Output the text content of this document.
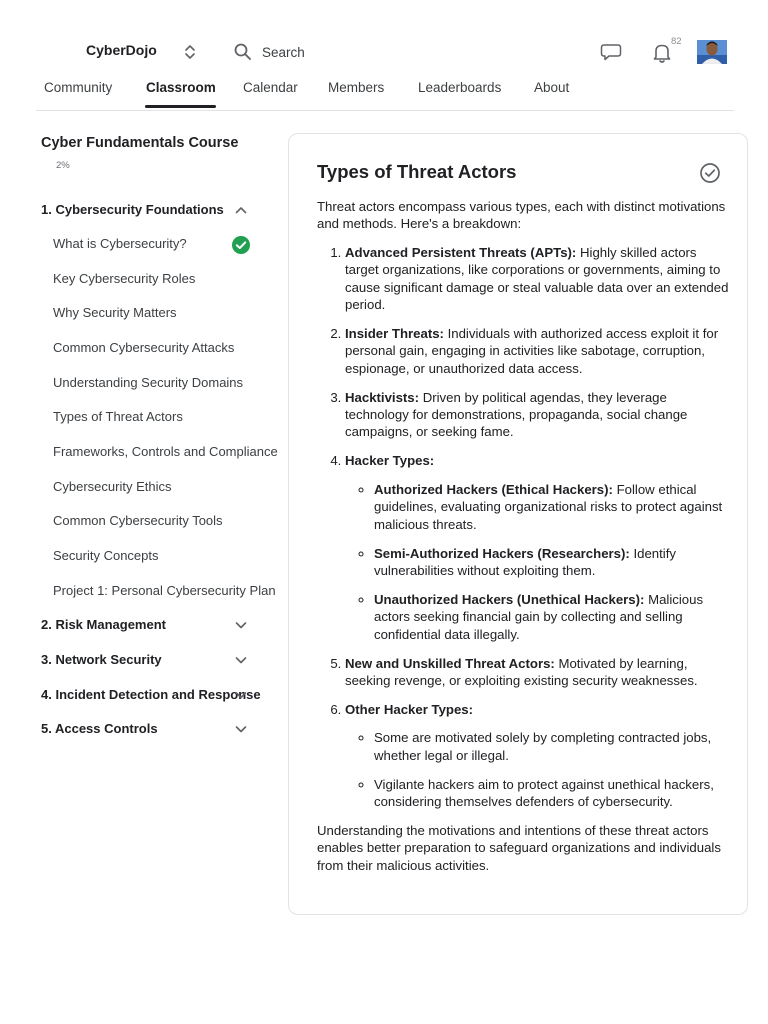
CyberDojo
Search
82
Community Classroom Calendar Members Leaderboards About
Cyber Fundamentals Course
2%
1. Cybersecurity Foundations
What is Cybersecurity?
Key Cybersecurity Roles
Why Security Matters
Common Cybersecurity Attacks
Understanding Security Domains
Types of Threat Actors
Frameworks, Controls and Compliance
Cybersecurity Ethics
Common Cybersecurity Tools
Security Concepts
Project 1: Personal Cybersecurity Plan
2. Risk Management
3. Network Security
4. Incident Detection and Response
5. Access Controls
Types of Threat Actors

Threat actors encompass various types, each with distinct motivations and methods. Here's a breakdown:

1. Advanced Persistent Threats (APTs): Highly skilled actors target organizations, like corporations or governments, aiming to cause significant damage or steal valuable data over an extended period.
2. Insider Threats: Individuals with authorized access exploit it for personal gain, engaging in activities like sabotage, corruption, espionage, or unauthorized data access.
3. Hacktivists: Driven by political agendas, they leverage technology for demonstrations, propaganda, social change campaigns, or seeking fame.
4. Hacker Types:
◦ Authorized Hackers (Ethical Hackers): Follow ethical guidelines, evaluating organizational risks to protect against malicious threats.
◦ Semi-Authorized Hackers (Researchers): Identify vulnerabilities without exploiting them.
◦ Unauthorized Hackers (Unethical Hackers): Malicious actors seeking financial gain by collecting and selling confidential data illegally.
5. New and Unskilled Threat Actors: Motivated by learning, seeking revenge, or exploiting existing security weaknesses.
6. Other Hacker Types:
◦ Some are motivated solely by completing contracted jobs, whether legal or illegal.
◦ Vigilante hackers aim to protect against unethical hackers, considering themselves defenders of cybersecurity.

Understanding the motivations and intentions of these threat actors enables better preparation to safeguard organizations and individuals from their malicious activities.
